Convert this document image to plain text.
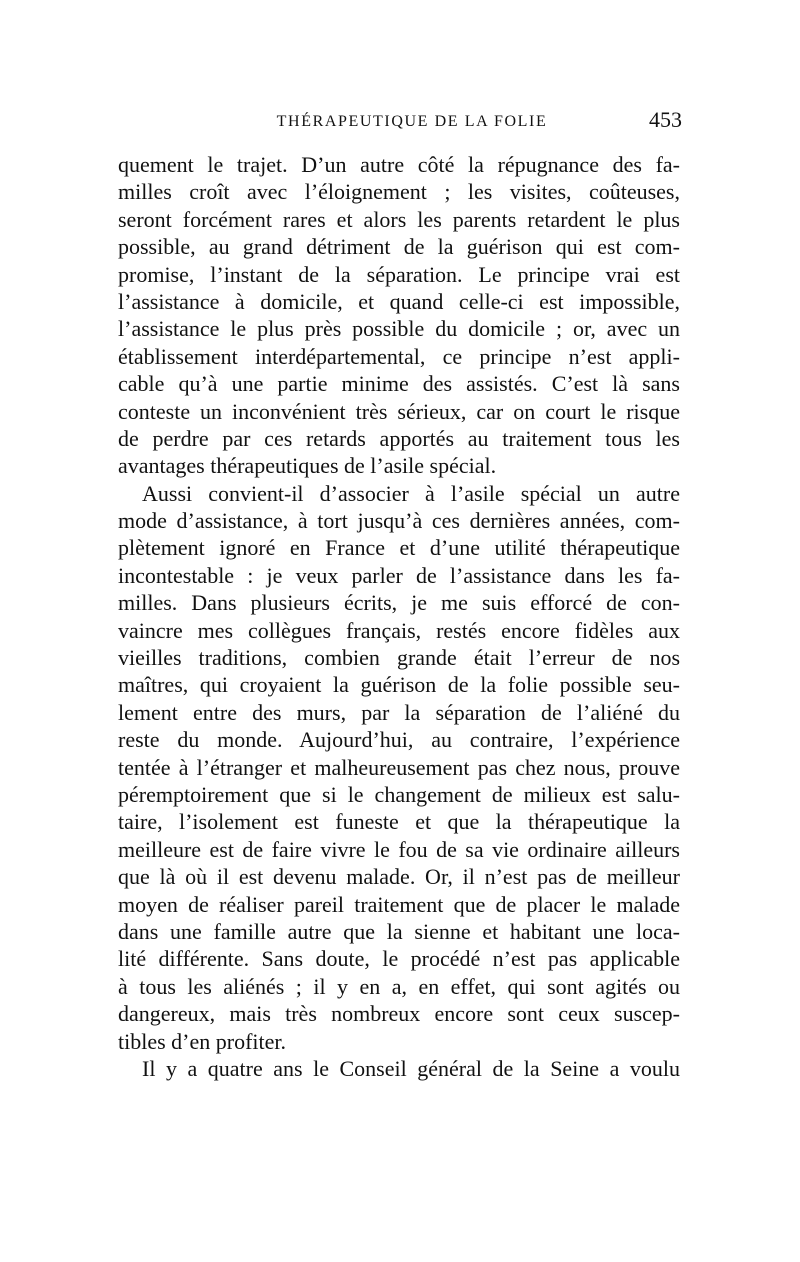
THÉRAPEUTIQUE DE LA FOLIE	453
quement le trajet. D’un autre côté la répugnance des fa-
milles croît avec l’éloignement ; les visites, coûteuses,
seront forcément rares et alors les parents retardent le plus
possible, au grand détriment de la guérison qui est com-
promise, l’instant de la séparation. Le principe vrai est
l’assistance à domicile, et quand celle-ci est impossible,
l’assistance le plus près possible du domicile ; or, avec un
établissement interdépartemental, ce principe n’est appli-
cable qu’à une partie minime des assistés. C’est là sans
conteste un inconvénient très sérieux, car on court le risque
de perdre par ces retards apportés au traitement tous les
avantages thérapeutiques de l’asile spécial.
Aussi convient-il d’associer à l’asile spécial un autre
mode d’assistance, à tort jusqu’à ces dernières années, com-
plètement ignoré en France et d’une utilité thérapeutique
incontestable : je veux parler de l’assistance dans les fa-
milles. Dans plusieurs écrits, je me suis efforcé de con-
vaincre mes collègues français, restés encore fidèles aux
vieilles traditions, combien grande était l’erreur de nos
maîtres, qui croyaient la guérison de la folie possible seu-
lement entre des murs, par la séparation de l’aliéné du
reste du monde. Aujourd’hui, au contraire, l’expérience
tentée à l’étranger et malheureusement pas chez nous, prouve
péremptoirement que si le changement de milieux est salu-
taire, l’isolement est funeste et que la thérapeutique la
meilleure est de faire vivre le fou de sa vie ordinaire ailleurs
que là où il est devenu malade. Or, il n’est pas de meilleur
moyen de réaliser pareil traitement que de placer le malade
dans une famille autre que la sienne et habitant une loca-
lité différente. Sans doute, le procédé n’est pas applicable
à tous les aliénés ; il y en a, en effet, qui sont agités ou
dangereux, mais très nombreux encore sont ceux suscep-
tibles d’en profiter.
Il y a quatre ans le Conseil général de la Seine a voulu
